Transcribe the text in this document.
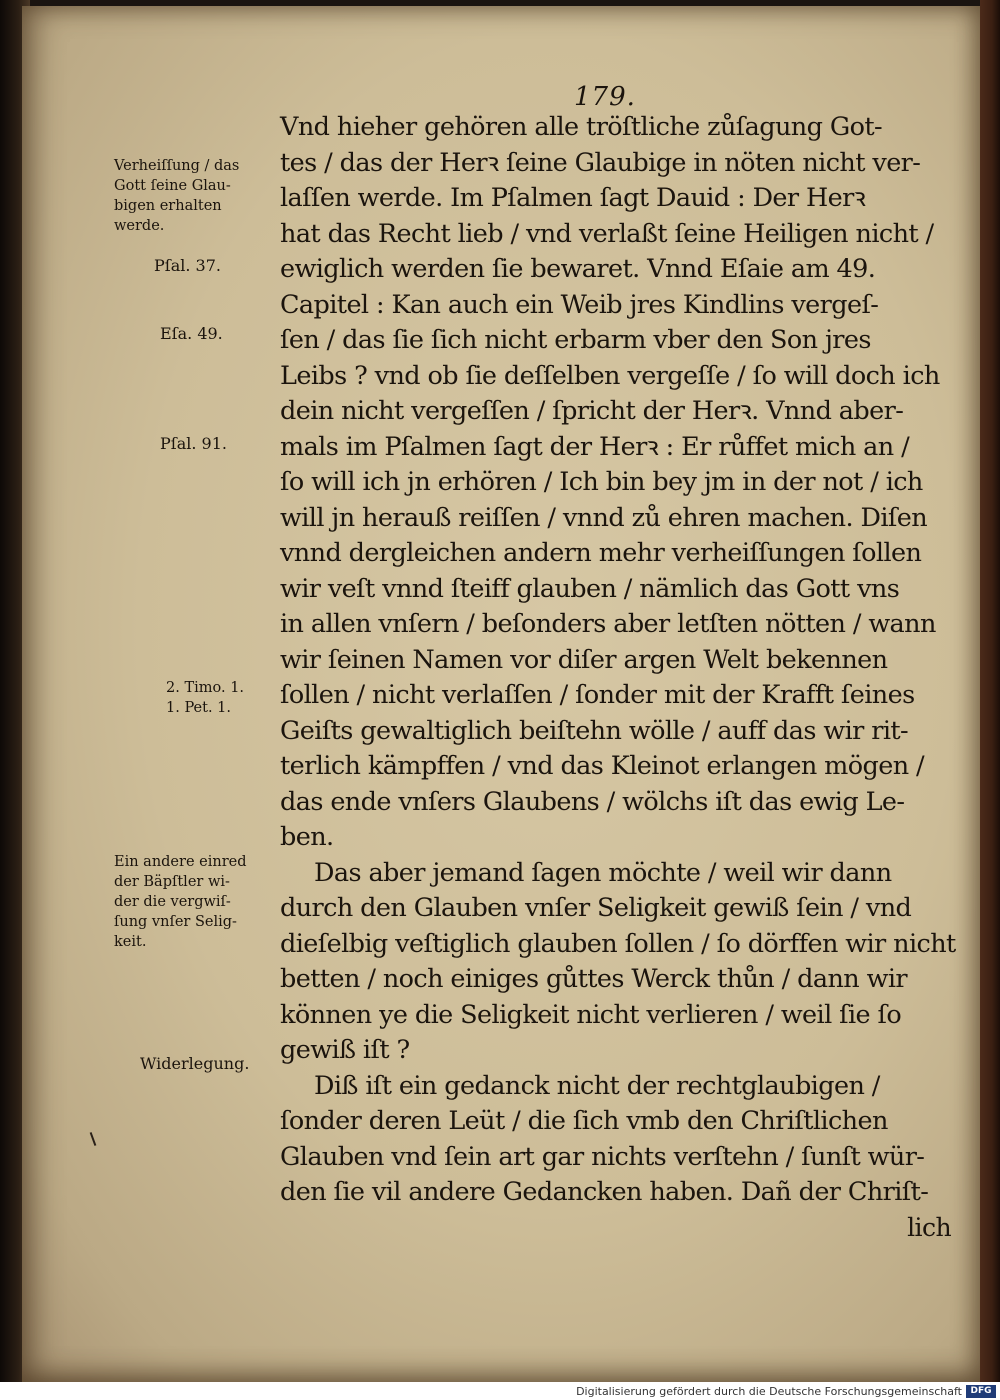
179.
Verheiſſung / das
Gott ſeine Glau-
bigen erhalten
werde.
Pſal. 37.
Eſa. 49.
Pſal. 91.
2. Timo. 1.
1. Pet. 1.
Ein andere einred
der Bäpſtler wi-
der die vergwiſ-
ſung vnſer Selig-
keit.
Widerlegung.
Vnd hieher gehören alle tröſtliche zůſagung Got-
tes / das der Herꝛ ſeine Glaubige in nöten nicht ver-
laſſen werde. Im Pſalmen ſagt Dauid : Der Herꝛ
hat das Recht lieb / vnd verlaßt ſeine Heiligen nicht /
ewiglich werden ſie bewaret. Vnnd Eſaie am 49.
Capitel : Kan auch ein Weib jres Kindlins vergeſ-
ſen / das ſie ſich nicht erbarm vber den Son jres
Leibs ? vnd ob ſie deſſelben vergeſſe / ſo will doch ich
dein nicht vergeſſen / ſpricht der Herꝛ. Vnnd aber-
mals im Pſalmen ſagt der Herꝛ : Er růffet mich an /
ſo will ich jn erhören / Ich bin bey jm in der not / ich
will jn herauß reiſſen / vnnd zů ehren machen. Diſen
vnnd dergleichen andern mehr verheiſſungen ſollen
wir veſt vnnd ſteiff glauben / nämlich das Gott vns
in allen vnſern / beſonders aber letſten nötten / wann
wir ſeinen Namen vor diſer argen Welt bekennen
ſollen / nicht verlaſſen / ſonder mit der Krafft ſeines
Geiſts gewaltiglich beiſtehn wölle / auff das wir rit-
terlich kämpffen / vnd das Kleinot erlangen mögen /
das ende vnſers Glaubens / wölchs iſt das ewig Le-
ben.
Das aber jemand ſagen möchte / weil wir dann
durch den Glauben vnſer Seligkeit gewiß ſein / vnd
dieſelbig veſtiglich glauben ſollen / ſo dörffen wir nicht
betten / noch einiges gůttes Werck thůn / dann wir
können ye die Seligkeit nicht verlieren / weil ſie ſo
gewiß iſt ?
Diß iſt ein gedanck nicht der rechtglaubigen /
ſonder deren Leüt / die ſich vmb den Chriſtlichen
Glauben vnd ſein art gar nichts verſtehn / ſunſt wür-
den ſie vil andere Gedancken haben. Dañ der Chriſt-
lich
Digitalisierung gefördert durch die Deutsche Forschungsgemeinschaft DFG
